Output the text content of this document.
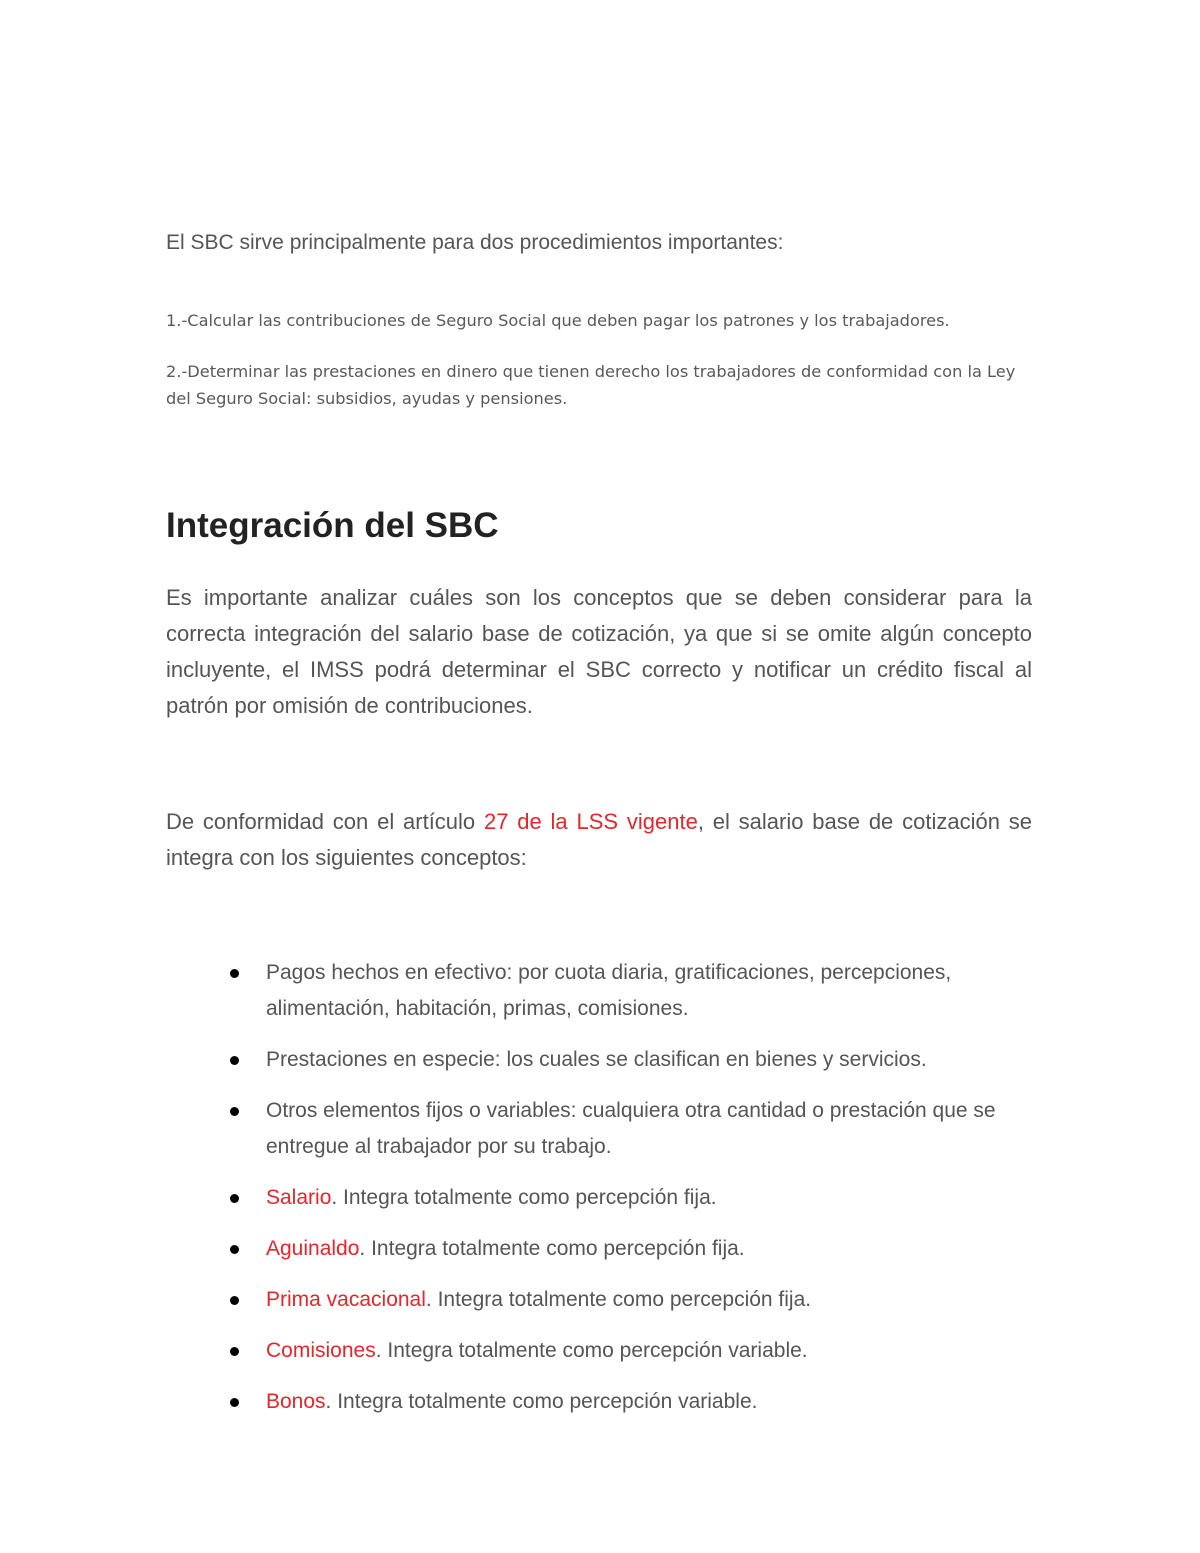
El SBC sirve principalmente para dos procedimientos importantes:

1.-Calcular las contribuciones de Seguro Social que deben pagar los patrones y los trabajadores.

2.-Determinar las prestaciones en dinero que tienen derecho los trabajadores de conformidad con la Ley del Seguro Social: subsidios, ayudas y pensiones.

Integración del SBC

Es importante analizar cuáles son los conceptos que se deben considerar para la correcta integración del salario base de cotización, ya que si se omite algún concepto incluyente, el IMSS podrá determinar el SBC correcto y notificar un crédito fiscal al patrón por omisión de contribuciones.

De conformidad con el artículo 27 de la LSS vigente, el salario base de cotización se integra con los siguientes conceptos:

Pagos hechos en efectivo: por cuota diaria, gratificaciones, percepciones, alimentación, habitación, primas, comisiones.
Prestaciones en especie: los cuales se clasifican en bienes y servicios.
Otros elementos fijos o variables: cualquiera otra cantidad o prestación que se entregue al trabajador por su trabajo.
Salario. Integra totalmente como percepción fija.
Aguinaldo. Integra totalmente como percepción fija.
Prima vacacional. Integra totalmente como percepción fija.
Comisiones. Integra totalmente como percepción variable.
Bonos. Integra totalmente como percepción variable.
